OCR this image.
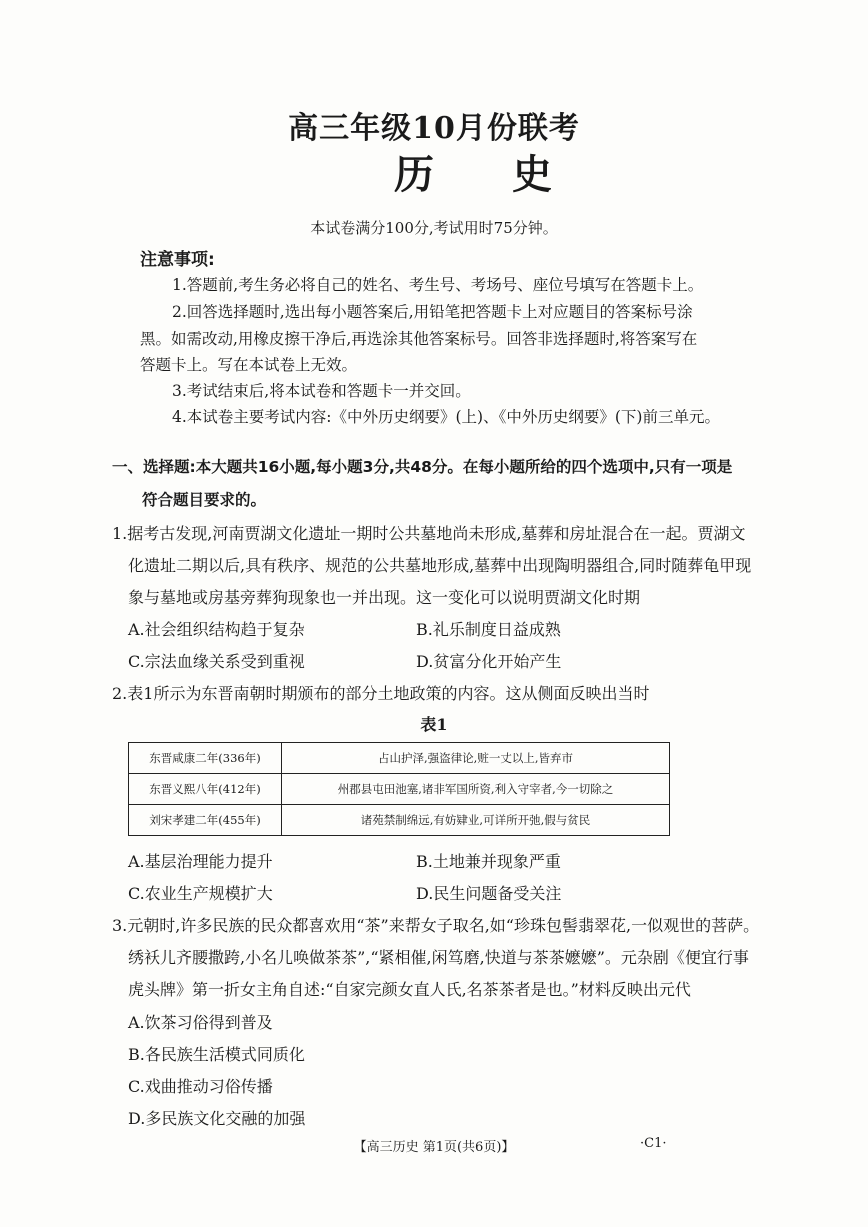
高三年级10月份联考
历史
本试卷满分100分,考试用时75分钟。
注意事项:
1.答题前,考生务必将自己的姓名、考生号、考场号、座位号填写在答题卡上。
2.回答选择题时,选出每小题答案后,用铅笔把答题卡上对应题目的答案标号涂
黑。如需改动,用橡皮擦干净后,再选涂其他答案标号。回答非选择题时,将答案写在
答题卡上。写在本试卷上无效。
3.考试结束后,将本试卷和答题卡一并交回。
4.本试卷主要考试内容:《中外历史纲要》(上)、《中外历史纲要》(下)前三单元。
一、选择题:本大题共16小题,每小题3分,共48分。在每小题所给的四个选项中,只有一项是
符合题目要求的。
1.据考古发现,河南贾湖文化遗址一期时公共墓地尚未形成,墓葬和房址混合在一起。贾湖文
化遗址二期以后,具有秩序、规范的公共墓地形成,墓葬中出现陶明器组合,同时随葬龟甲现
象与墓地或房基旁葬狗现象也一并出现。这一变化可以说明贾湖文化时期
A.社会组织结构趋于复杂	B.礼乐制度日益成熟
C.宗法血缘关系受到重视	D.贫富分化开始产生
2.表1所示为东晋南朝时期颁布的部分土地政策的内容。这从侧面反映出当时
表1
东晋咸康二年(336年)	占山护泽,强盗律论,赃一丈以上,皆弃市
东晋义熙八年(412年)	州郡县屯田池塞,诸非军国所资,利入守宰者,今一切除之
刘宋孝建二年(455年)	诸苑禁制绵远,有妨肄业,可详所开弛,假与贫民
A.基层治理能力提升	B.土地兼并现象严重
C.农业生产规模扩大	D.民生问题备受关注
3.元朝时,许多民族的民众都喜欢用“茶”来帮女子取名,如“珍珠包髻翡翠花,一似观世的菩萨。
绣袄儿齐腰撒跨,小名儿唤做茶茶”,“紧相催,闲笃磨,快道与茶茶嬷嬷”。元杂剧《便宜行事
虎头牌》第一折女主角自述:“自家完颜女直人氏,名茶茶者是也。”材料反映出元代
A.饮茶习俗得到普及
B.各民族生活模式同质化
C.戏曲推动习俗传播
D.多民族文化交融的加强
【高三历史 第1页(共6页)】	·C1·
